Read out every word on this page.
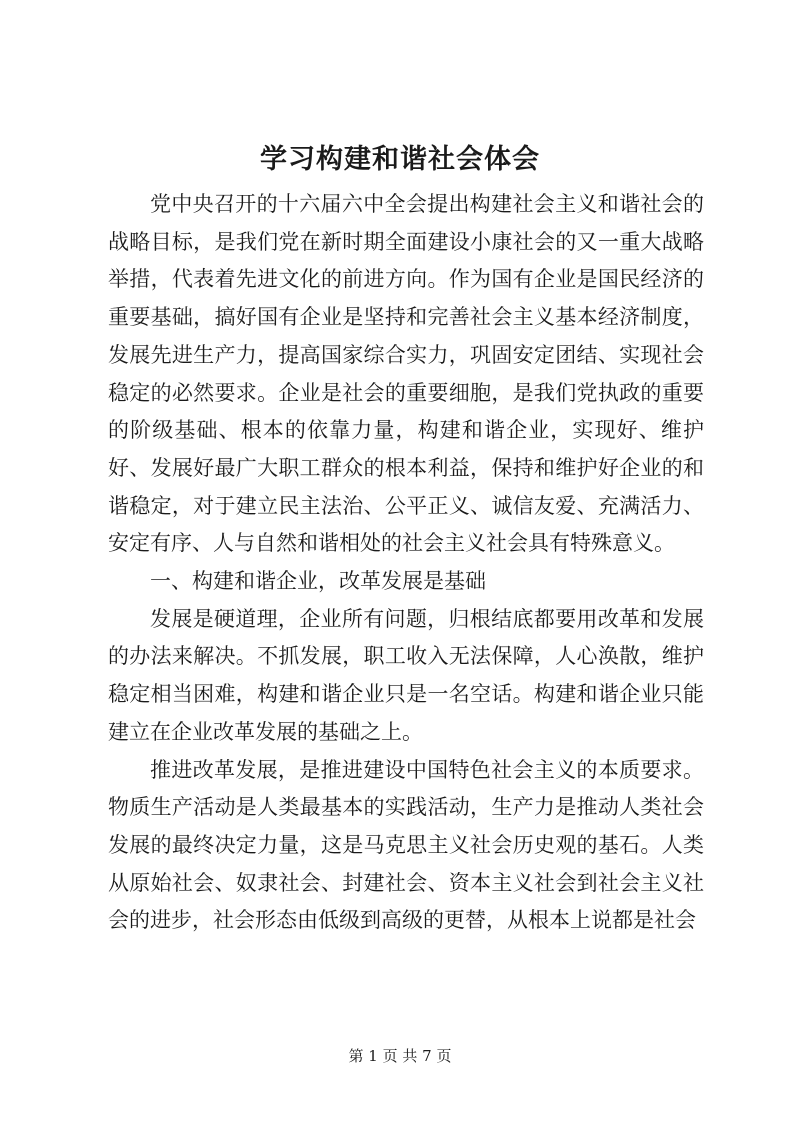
学习构建和谐社会体会

党中央召开的十六届六中全会提出构建社会主义和谐社会的战略目标，是我们党在新时期全面建设小康社会的又一重大战略举措，代表着先进文化的前进方向。作为国有企业是国民经济的重要基础，搞好国有企业是坚持和完善社会主义基本经济制度，发展先进生产力，提高国家综合实力，巩固安定团结、实现社会稳定的必然要求。企业是社会的重要细胞，是我们党执政的重要的阶级基础、根本的依靠力量，构建和谐企业，实现好、维护好、发展好最广大职工群众的根本利益，保持和维护好企业的和谐稳定，对于建立民主法治、公平正义、诚信友爱、充满活力、安定有序、人与自然和谐相处的社会主义社会具有特殊意义。

一、构建和谐企业，改革发展是基础

发展是硬道理，企业所有问题，归根结底都要用改革和发展的办法来解决。不抓发展，职工收入无法保障，人心涣散，维护稳定相当困难，构建和谐企业只是一名空话。构建和谐企业只能建立在企业改革发展的基础之上。

推进改革发展，是推进建设中国特色社会主义的本质要求。物质生产活动是人类最基本的实践活动，生产力是推动人类社会发展的最终决定力量，这是马克思主义社会历史观的基石。人类从原始社会、奴隶社会、封建社会、资本主义社会到社会主义社会的进步，社会形态由低级到高级的更替，从根本上说都是社会

第 1 页 共 7 页
